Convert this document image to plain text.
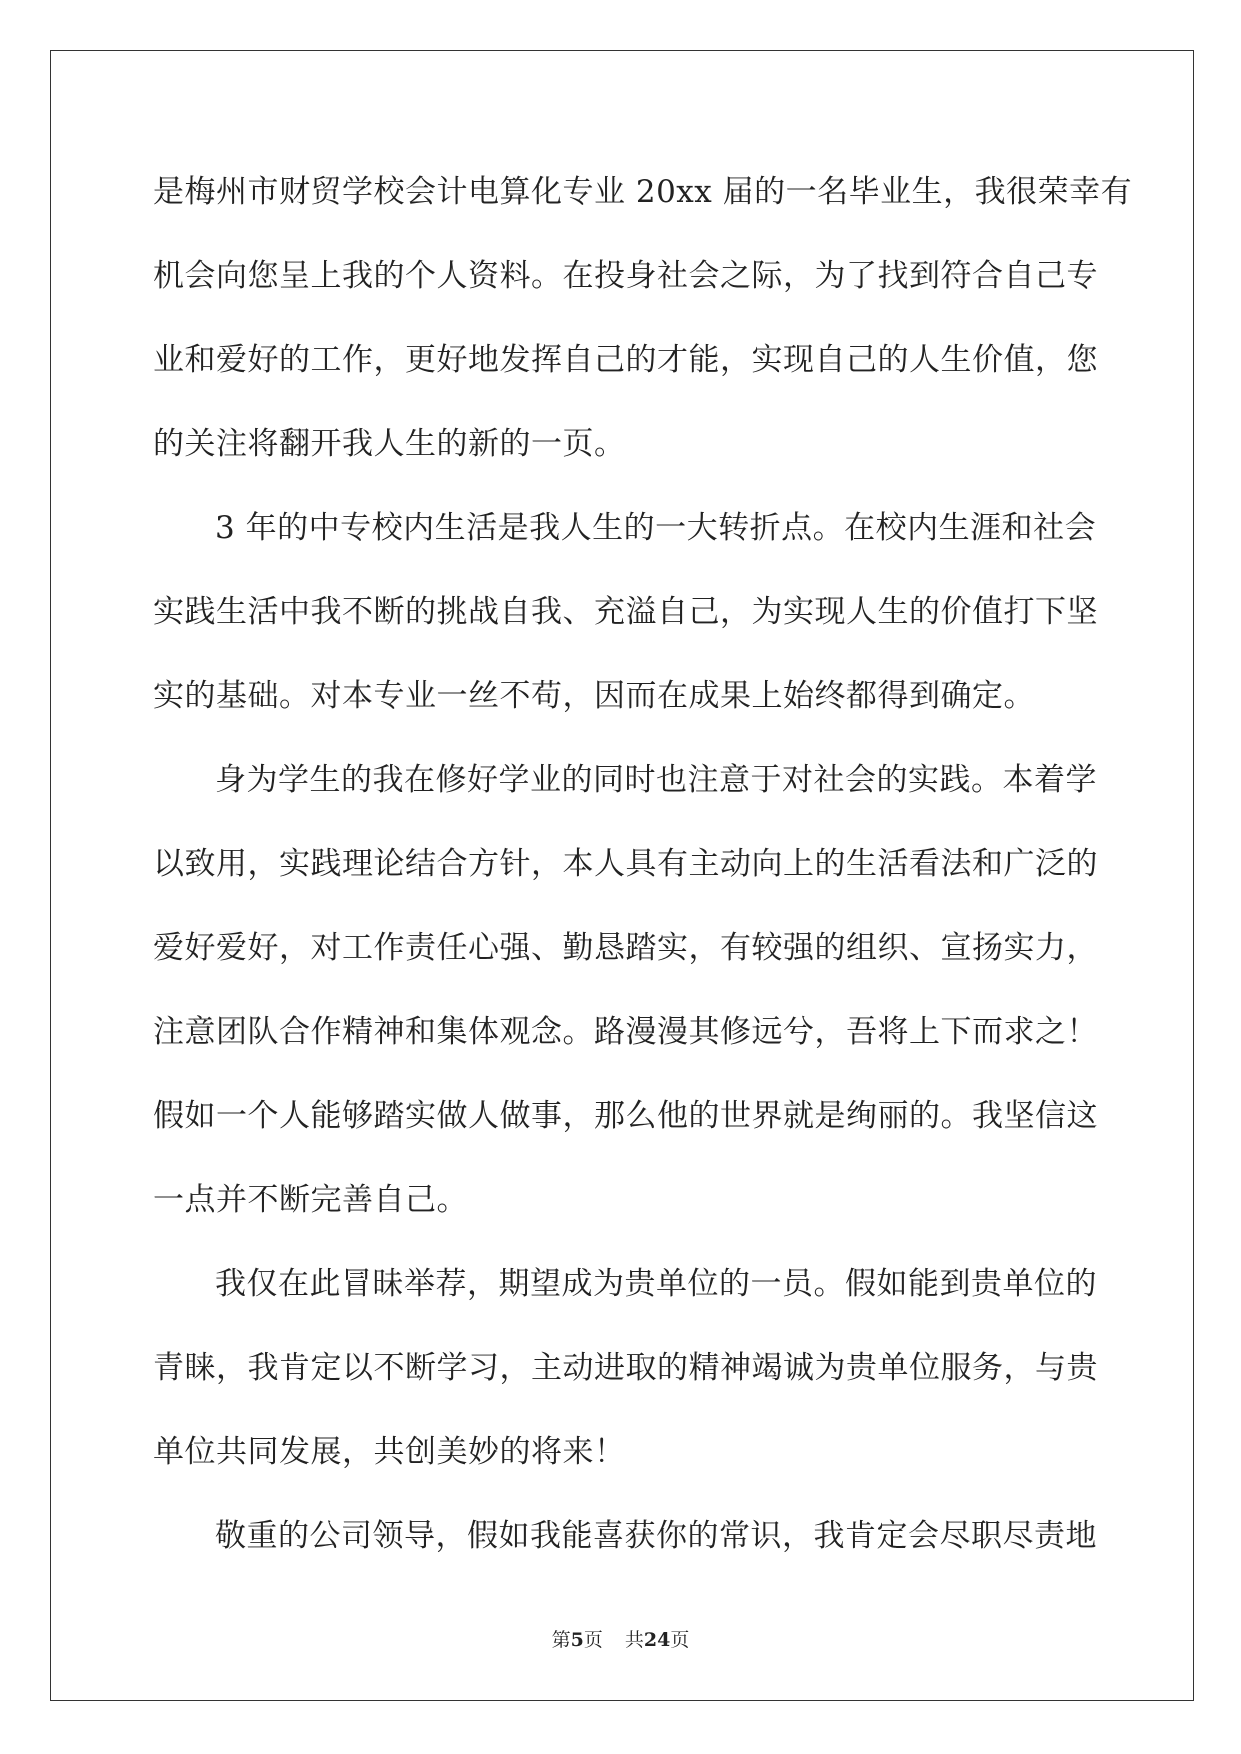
是梅州市财贸学校会计电算化专业 20xx 届的一名毕业生，我很荣幸有
机会向您呈上我的个人资料。在投身社会之际，为了找到符合自己专
业和爱好的工作，更好地发挥自己的才能，实现自己的人生价值，您
的关注将翻开我人生的新的一页。
3 年的中专校内生活是我人生的一大转折点。在校内生涯和社会
实践生活中我不断的挑战自我、充溢自己，为实现人生的价值打下坚
实的基础。对本专业一丝不苟，因而在成果上始终都得到确定。
身为学生的我在修好学业的同时也注意于对社会的实践。本着学
以致用，实践理论结合方针，本人具有主动向上的生活看法和广泛的
爱好爱好，对工作责任心强、勤恳踏实，有较强的组织、宣扬实力，
注意团队合作精神和集体观念。路漫漫其修远兮，吾将上下而求之！
假如一个人能够踏实做人做事，那么他的世界就是绚丽的。我坚信这
一点并不断完善自己。
我仅在此冒昧举荐，期望成为贵单位的一员。假如能到贵单位的
青睐，我肯定以不断学习，主动进取的精神竭诚为贵单位服务，与贵
单位共同发展，共创美妙的将来！
敬重的公司领导，假如我能喜获你的常识，我肯定会尽职尽责地
第5页 共24页
